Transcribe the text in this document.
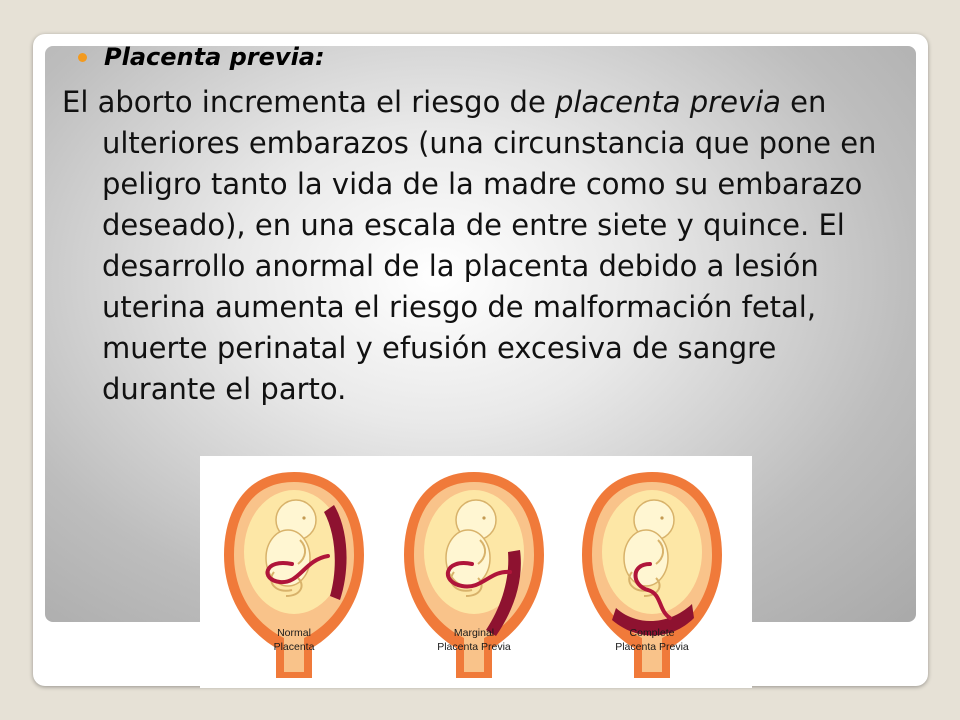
Placenta previa:

El aborto incrementa el riesgo de placenta previa en ulteriores embarazos (una circunstancia que pone en peligro tanto la vida de la madre como su embarazo deseado), en una escala de entre siete y quince. El desarrollo anormal de la placenta debido a lesión uterina aumenta el riesgo de malformación fetal, muerte perinatal y efusión excesiva de sangre durante el parto.

Normal
Placenta
Marginal
Placenta Previa
Complete
Placenta Previa
